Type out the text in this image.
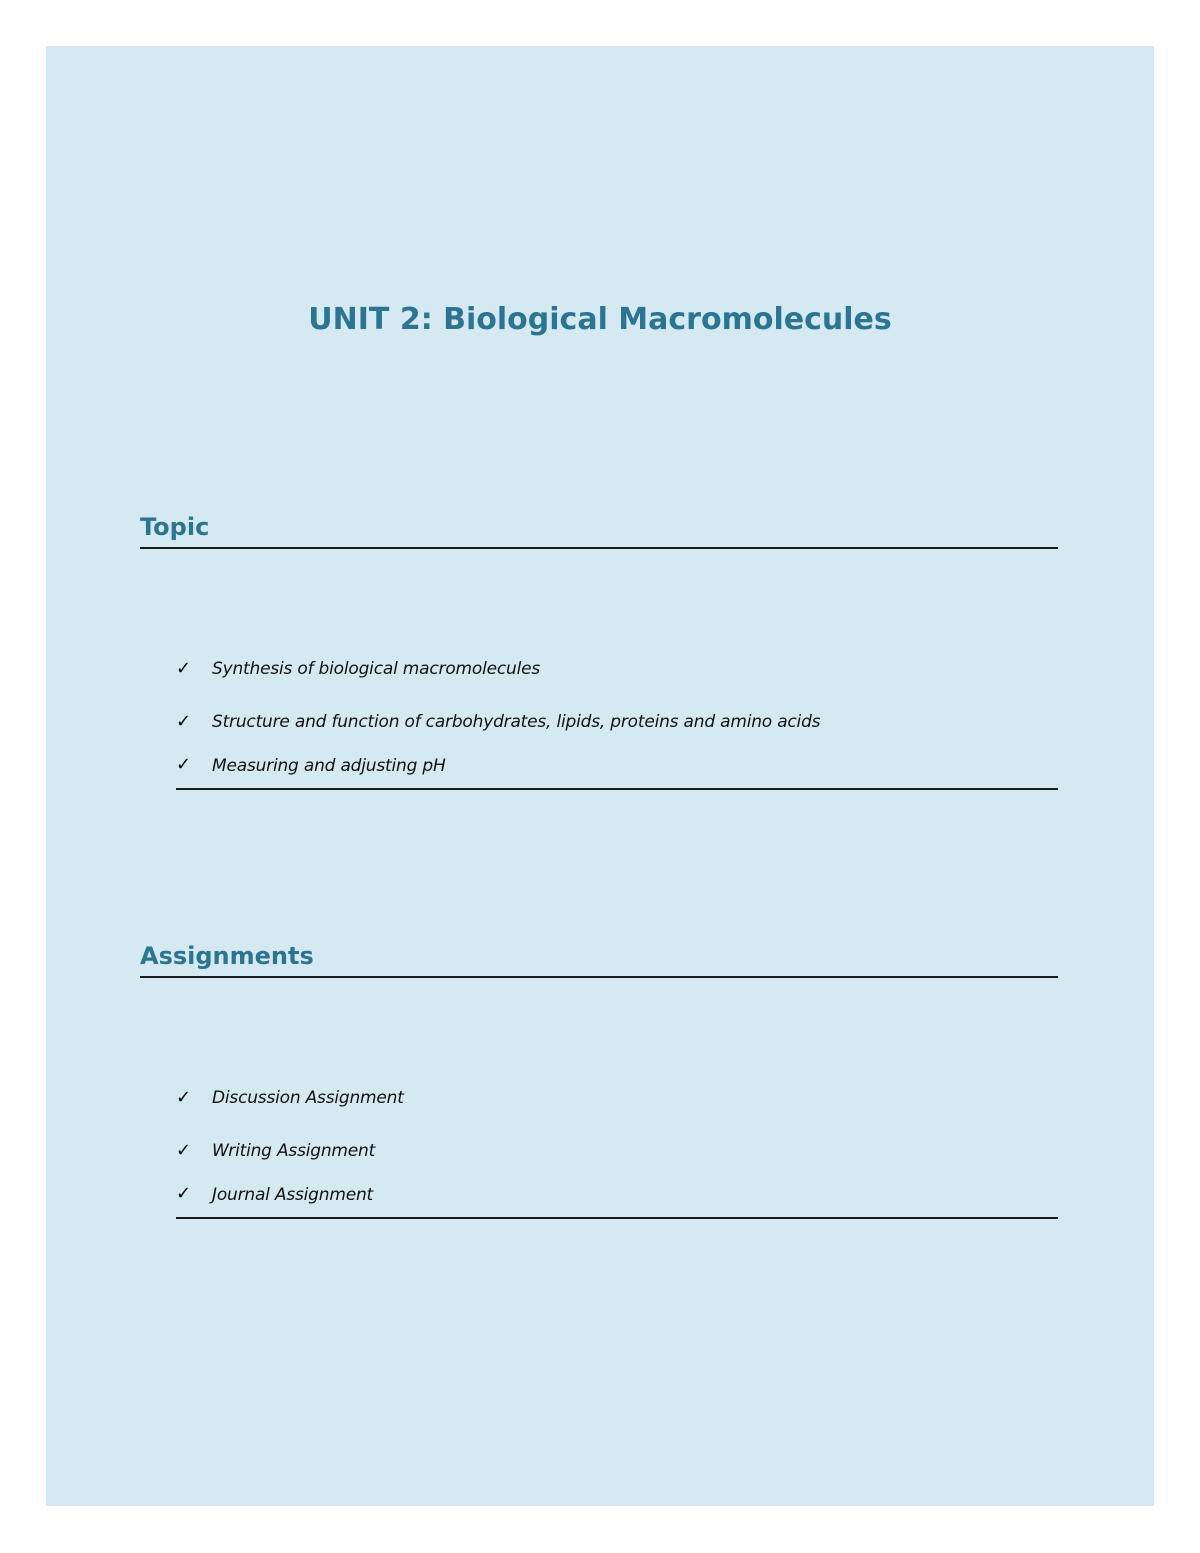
UNIT 2: Biological Macromolecules
Topic
✓	Synthesis of biological macromolecules
✓	Structure and function of carbohydrates, lipids, proteins and amino acids
✓	Measuring and adjusting pH
Assignments
✓	Discussion Assignment
✓	Writing Assignment
✓	Journal Assignment
